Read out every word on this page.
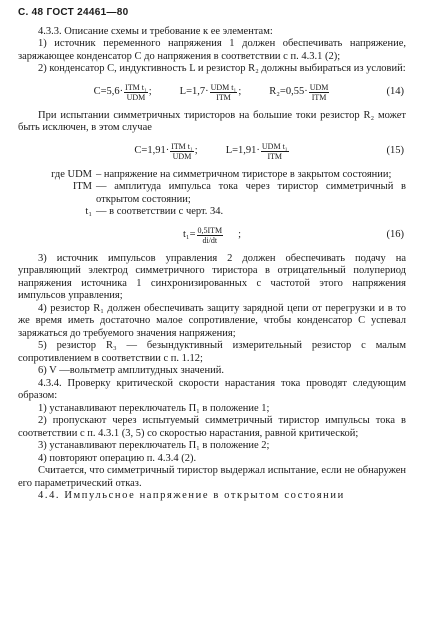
С. 48 ГОСТ 24461—80

4.3.3. Описание схемы и требование к ее элементам:

1) источник переменного напряжения 1 должен обеспечивать напряжение, заряжающее конденсатор C до напряжения в соответствии с п. 4.3.1 (2);

2) конденсатор C, индуктивность L и резистор R₂ должны выбираться из условий:

$C=5,6\cdot \frac{\text{IТМ t₁}}{\text{UDM}}$ ;	$L=1,7\cdot \frac{\text{UDM t₁}}{\text{IТМ}}$ ;	$R_2=0,55\cdot \frac{\text{UDM}}{\text{IТМ}}$	(14)

При испытании симметричных тиристоров на большие токи резистор R₂ может быть исключен, в этом случае

$C=1,91\cdot \frac{\text{IТМ t₁}}{\text{UDM}}$ ;	$L=1,91\cdot \frac{\text{UDM t₁}}{\text{IТМ}}$	(15)
где UDM – напряжение на симметричном тиристоре в закрытом состоянии;
IТМ — амплитуда импульса тока через тиристор симметричный в открытом состоянии;
t₁ — в соответствии с черт. 34.
$t_1= \frac{\text{0,5IТМ}}{di/dt}$ ;	(16)

3) источник импульсов управления 2 должен обеспечивать подачу на управляющий электрод симметричного тиристора в отрицательный полупериод напряжения источника 1 синхронизированных с частотой этого напряжения импульсов управления;

4) резистор R₁ должен обеспечивать защиту зарядной цепи от перегрузки и в то же время иметь достаточно малое сопротивление, чтобы конденсатор C успевал заряжаться до требуемого значения напряжения;

5) резистор R₃ — безындуктивный измерительный резистор с малым сопротивлением в соответствии с п. 1.12;

6) V —вольтметр амплитудных значений.

4.3.4. Проверку критической скорости нарастания тока проводят следующим образом:

1) устанавливают переключатель П₁ в положение 1;

2) пропускают через испытуемый симметричный тиристор импульсы тока в соответствии с п. 4.3.1 (3, 5) со скоростью нарастания, равной критической;

3) устанавливают переключатель П₁ в положение 2;

4) повторяют операцию п. 4.3.4 (2).

Считается, что симметричный тиристор выдержал испытание, если не обнаружен его параметрический отказ.

4.4. Импульсное напряжение в открытом состоянии
